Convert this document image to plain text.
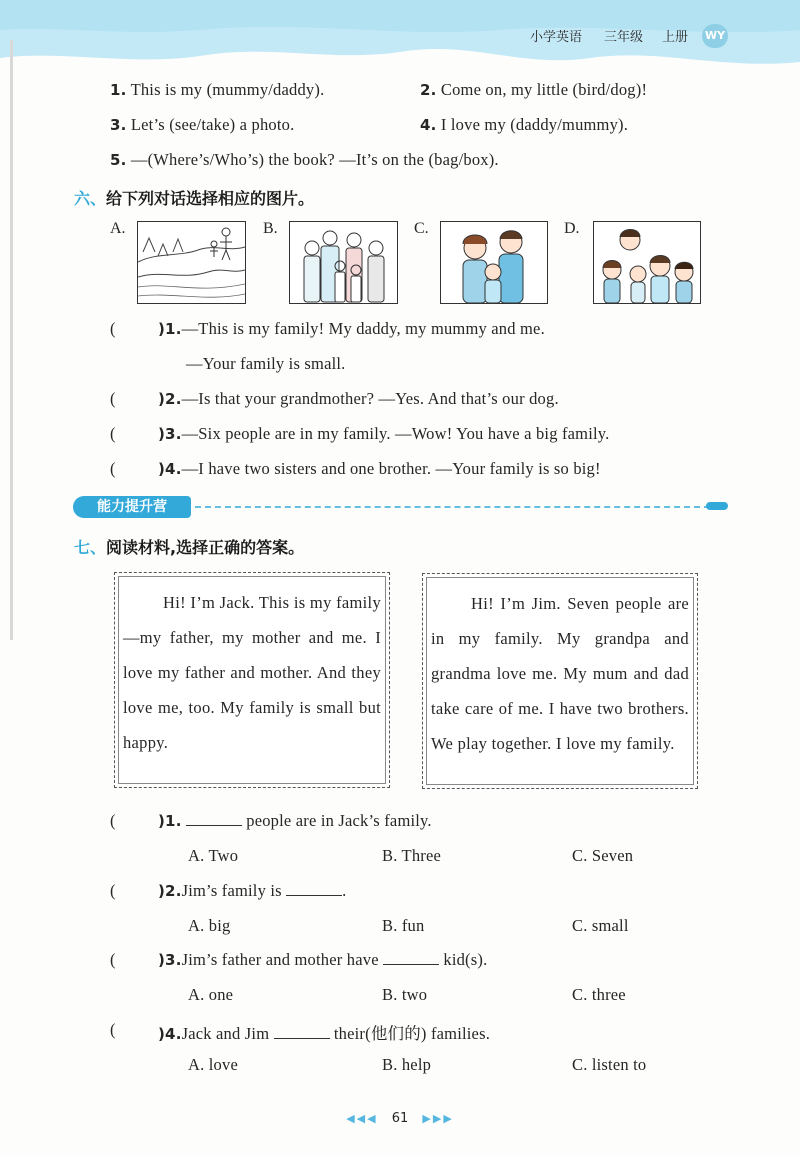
小学英语 三年级 上册 WY
1. This is my (mummy/daddy).	2. Come on, my little (bird/dog)!
3. Let’s (see/take) a photo.	4. I love my (daddy/mummy).
5. —(Where’s/Who’s) the book? —It’s on the (bag/box).
六、给下列对话选择相应的图片。
A.	B.	C.	D.
(	)1.—This is my family! My daddy, my mummy and me.
—Your family is small.
(	)2.—Is that your grandmother? —Yes. And that’s our dog.
(	)3.—Six people are in my family. —Wow! You have a big family.
(	)4.—I have two sisters and one brother. —Your family is so big!
能力提升营
七、阅读材料,选择正确的答案。

Hi! I’m Jack. This is my family—my father, my mother and me. I love my father and mother. And they love me, too. My family is small but happy.

Hi! I’m Jim. Seven people are in my family. My grandpa and grandma love me. My mum and dad take care of me. I have two brothers. We play together. I love my family.

(	)1.	people are in Jack’s family.
A. Two	B. Three	C. Seven
(	)2.Jim’s family is	.
A. big	B. fun	C. small
(	)3.Jim’s father and mother have	kid(s).
A. one	B. two	C. three
(	)4.Jack and Jim	their(他们的) families.
A. love	B. help	C. listen to
◀◀◀ 61 ▶▶▶
